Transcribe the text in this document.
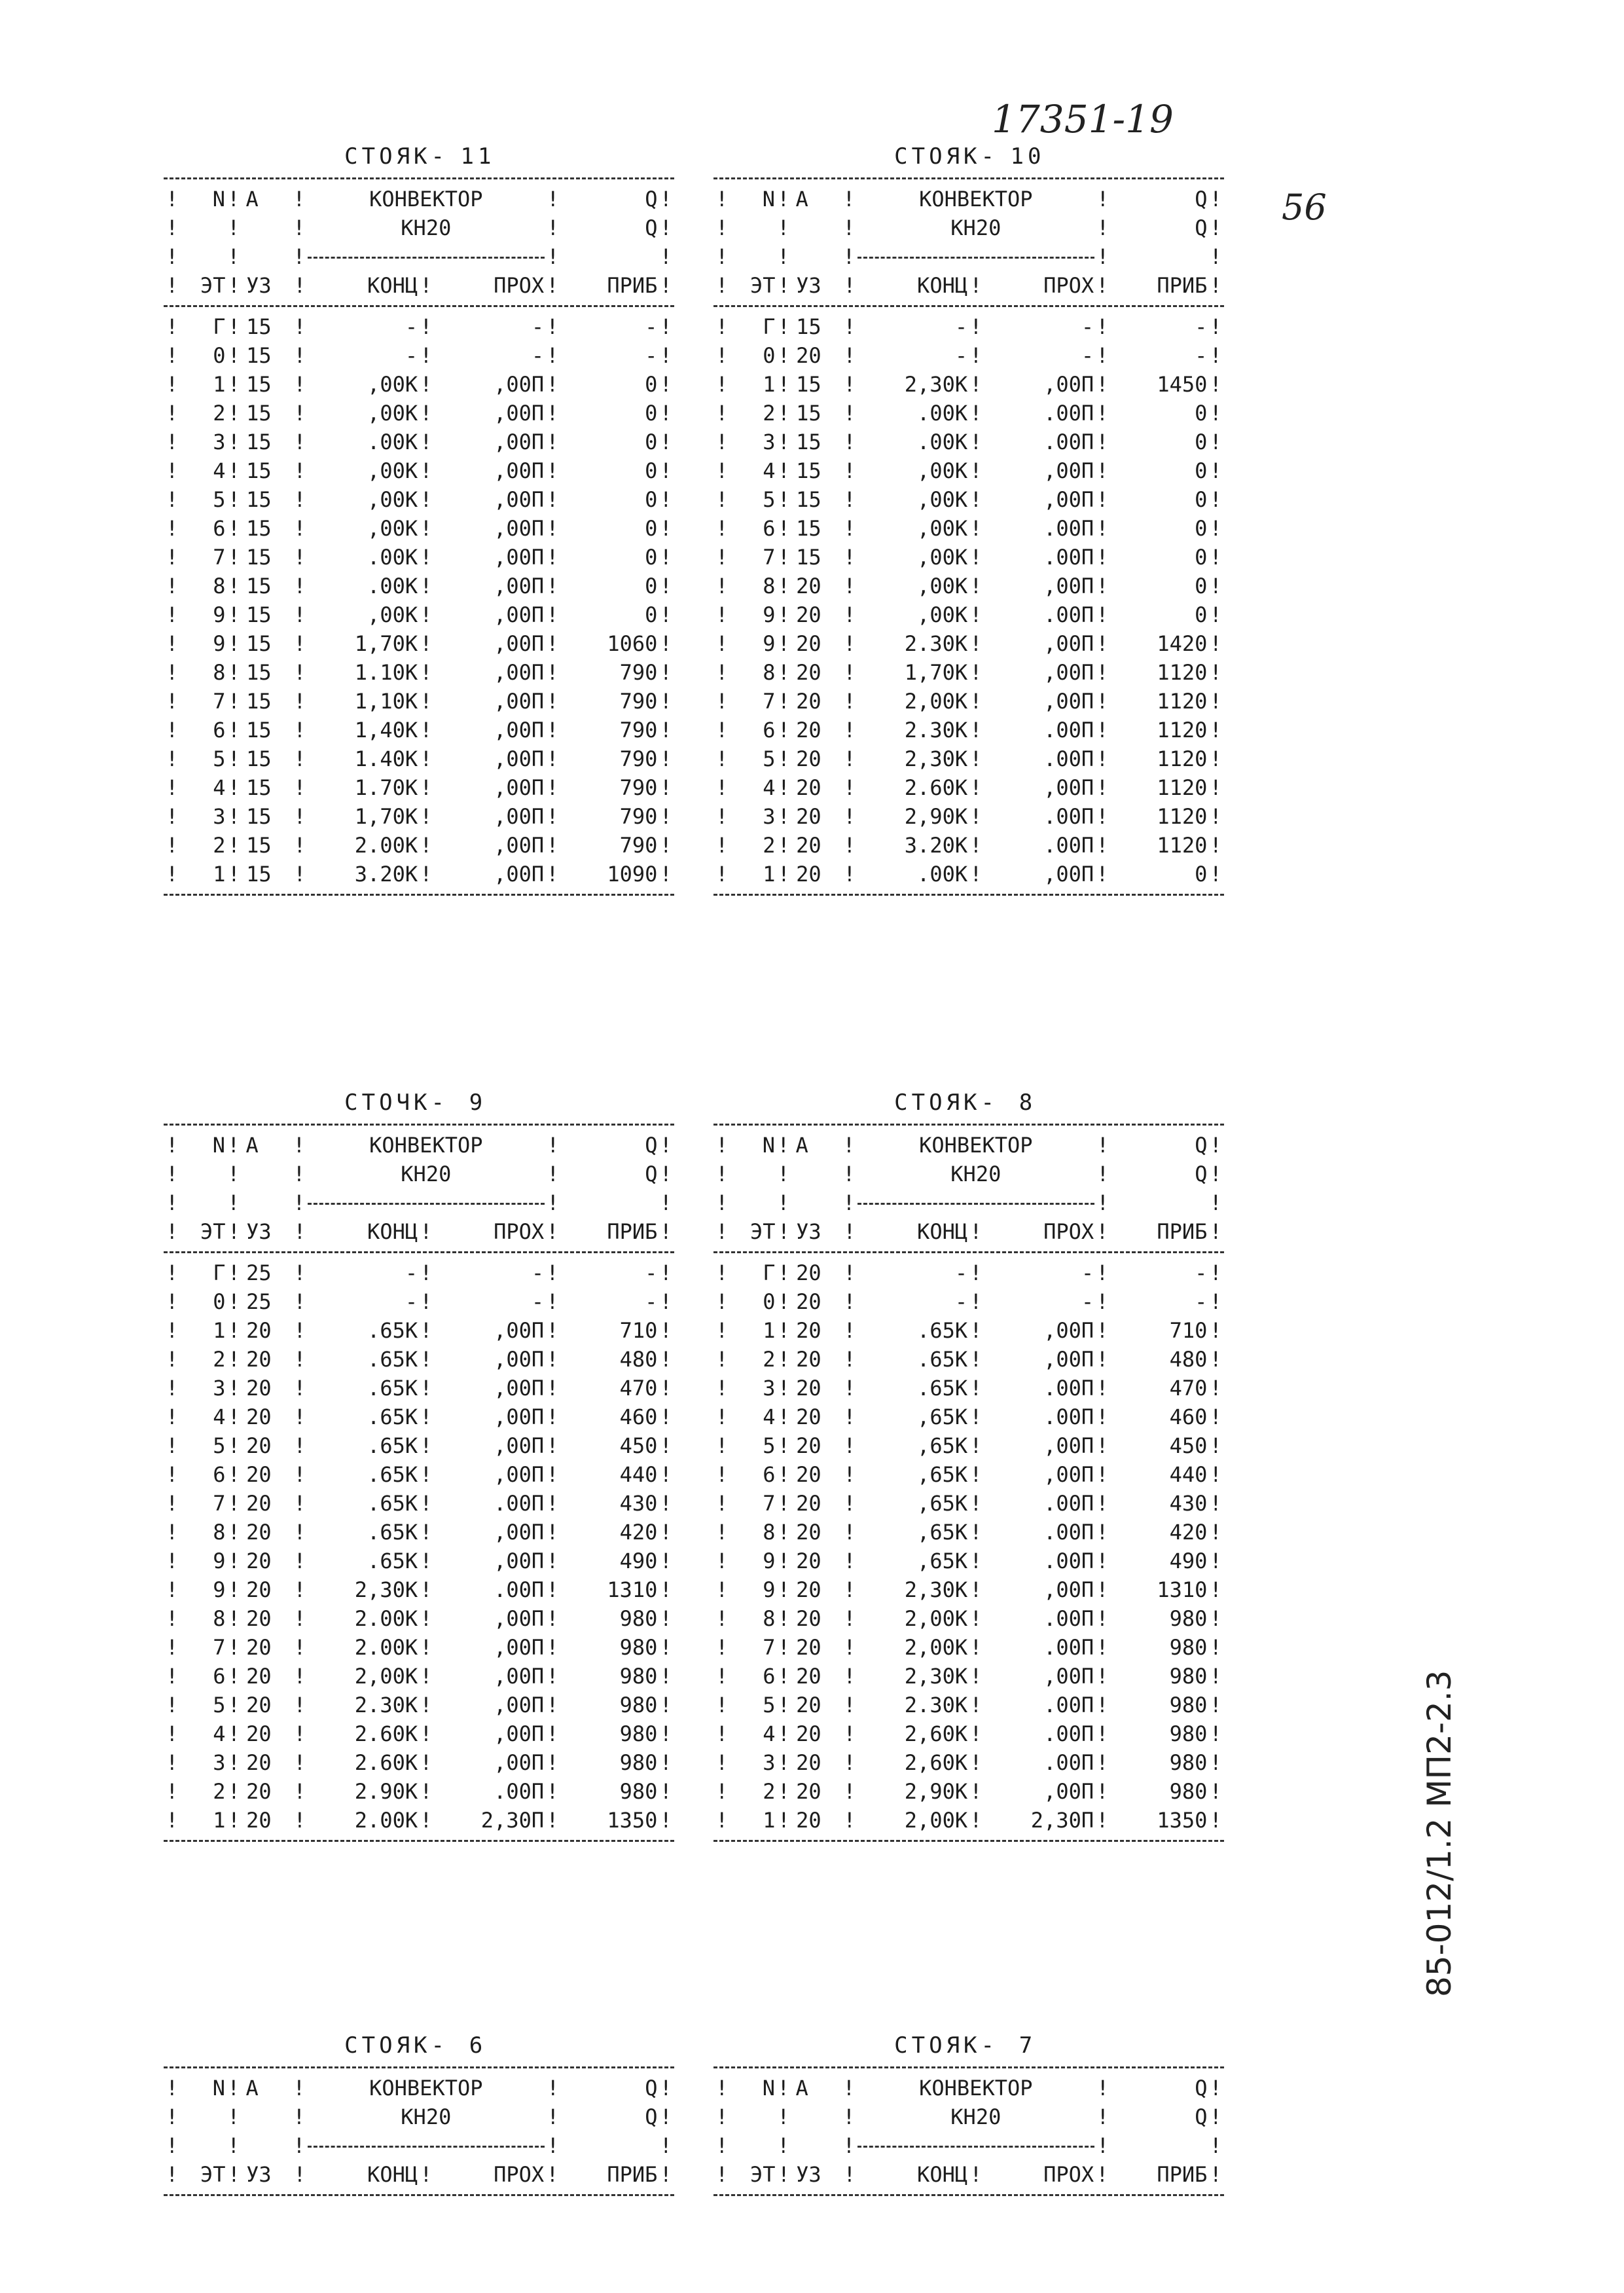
17351-19
56
85-012/1.2 МП2-2.3
СТОЯК- 11
!	N ! А	!	КОНВЕКТОР	!	Q !
! !	!	КН20	!	Q !
! !	!	!	!
!	ЭТ ! УЗ	!	КОНЦ !	ПРОХ !	ПРИБ !
!	Г ! 15	!	- !	- !	- !
!	0 ! 15	!	- !	- !	- !
!	1 ! 15	!	,00К !	,00П !	0 !
!	2 ! 15	!	,00К !	,00П !	0 !
!	3 ! 15	!	.00К !	,00П !	0 !
!	4 ! 15	!	,00К !	,00П !	0 !
!	5 ! 15	!	,00К !	,00П !	0 !
!	6 ! 15	!	,00К !	,00П !	0 !
!	7 ! 15	!	.00К !	,00П !	0 !
!	8 ! 15	!	.00К !	,00П !	0 !
!	9 ! 15	!	,00К !	,00П !	0 !
!	9 ! 15	!	1,70К !	,00П !	1060 !
!	8 ! 15	!	1.10К !	,00П !	790 !
!	7 ! 15	!	1,10К !	,00П !	790 !
!	6 ! 15	!	1,40К !	,00П !	790 !
!	5 ! 15	!	1.40К !	,00П !	790 !
!	4 ! 15	!	1.70К !	,00П !	790 !
!	3 ! 15	!	1,70К !	,00П !	790 !
!	2 ! 15	!	2.00К !	,00П !	790 !
!	1 ! 15	!	3.20К !	,00П !	1090 !
СТОЯК- 10
!	N ! А	!	КОНВЕКТОР	!	Q !
! !	!	КН20	!	Q !
! !	!	!	!
!	ЭТ ! УЗ	!	КОНЦ !	ПРОХ !	ПРИБ !
!	Г ! 15	!	- !	- !	- !
!	0 ! 20	!	- !	- !	- !
!	1 ! 15	!	2,30К !	,00П !	1450 !
!	2 ! 15	!	.00К !	.00П !	0 !
!	3 ! 15	!	.00К !	.00П !	0 !
!	4 ! 15	!	,00К !	,00П !	0 !
!	5 ! 15	!	,00К !	,00П !	0 !
!	6 ! 15	!	,00К !	.00П !	0 !
!	7 ! 15	!	,00К !	.00П !	0 !
!	8 ! 20	!	,00К !	,00П !	0 !
!	9 ! 20	!	,00К !	.00П !	0 !
!	9 ! 20	!	2.30К !	,00П !	1420 !
!	8 ! 20	!	1,70К !	,00П !	1120 !
!	7 ! 20	!	2,00К !	,00П !	1120 !
!	6 ! 20	!	2.30К !	.00П !	1120 !
!	5 ! 20	!	2,30К !	.00П !	1120 !
!	4 ! 20	!	2.60К !	,00П !	1120 !
!	3 ! 20	!	2,90К !	.00П !	1120 !
!	2 ! 20	!	3.20К !	.00П !	1120 !
!	1 ! 20	!	.00К !	,00П !	0 !
СТОЧК- 9
!	N ! А	!	КОНВЕКТОР	!	Q !
! !	!	КН20	!	Q !
! !	!	!	!
!	ЭТ ! УЗ	!	КОНЦ !	ПРОХ !	ПРИБ !
!	Г ! 25	!	- !	- !	- !
!	0 ! 25	!	- !	- !	- !
!	1 ! 20	!	.65К !	,00П !	710 !
!	2 ! 20	!	.65К !	,00П !	480 !
!	3 ! 20	!	.65К !	,00П !	470 !
!	4 ! 20	!	.65К !	,00П !	460 !
!	5 ! 20	!	.65К !	,00П !	450 !
!	6 ! 20	!	.65К !	,00П !	440 !
!	7 ! 20	!	.65К !	.00П !	430 !
!	8 ! 20	!	.65К !	,00П !	420 !
!	9 ! 20	!	.65К !	,00П !	490 !
!	9 ! 20	!	2,30К !	.00П !	1310 !
!	8 ! 20	!	2.00К !	,00П !	980 !
!	7 ! 20	!	2.00К !	,00П !	980 !
!	6 ! 20	!	2,00К !	,00П !	980 !
!	5 ! 20	!	2.30К !	,00П !	980 !
!	4 ! 20	!	2.60К !	,00П !	980 !
!	3 ! 20	!	2.60К !	,00П !	980 !
!	2 ! 20	!	2.90К !	.00П !	980 !
!	1 ! 20	!	2.00К !	2,30П !	1350 !
СТОЯК- 8
!	N ! А	!	КОНВЕКТОР	!	Q !
! !	!	КН20	!	Q !
! !	!	!	!
!	ЭТ ! УЗ	!	КОНЦ !	ПРОХ !	ПРИБ !
!	Г ! 20	!	- !	- !	- !
!	0 ! 20	!	- !	- !	- !
!	1 ! 20	!	.65К !	,00П !	710 !
!	2 ! 20	!	.65К !	,00П !	480 !
!	3 ! 20	!	.65К !	.00П !	470 !
!	4 ! 20	!	,65К !	.00П !	460 !
!	5 ! 20	!	,65К !	,00П !	450 !
!	6 ! 20	!	,65К !	,00П !	440 !
!	7 ! 20	!	,65К !	.00П !	430 !
!	8 ! 20	!	,65К !	.00П !	420 !
!	9 ! 20	!	,65К !	.00П !	490 !
!	9 ! 20	!	2,30К !	,00П !	1310 !
!	8 ! 20	!	2,00К !	.00П !	980 !
!	7 ! 20	!	2,00К !	.00П !	980 !
!	6 ! 20	!	2,30К !	,00П !	980 !
!	5 ! 20	!	2.30К !	.00П !	980 !
!	4 ! 20	!	2,60К !	.00П !	980 !
!	3 ! 20	!	2,60К !	.00П !	980 !
!	2 ! 20	!	2,90К !	,00П !	980 !
!	1 ! 20	!	2,00К !	2,30П !	1350 !
СТОЯК- 6
!	N ! А	!	КОНВЕКТОР	!	Q !
! !	!	КН20	!	Q !
! !	!	!	!
!	ЭТ ! УЗ	!	КОНЦ !	ПРОХ !	ПРИБ !
СТОЯК- 7
!	N ! А	!	КОНВЕКТОР	!	Q !
! !	!	КН20	!	Q !
! !	!	!	!
!	ЭТ ! УЗ	!	КОНЦ !	ПРОХ !	ПРИБ !
